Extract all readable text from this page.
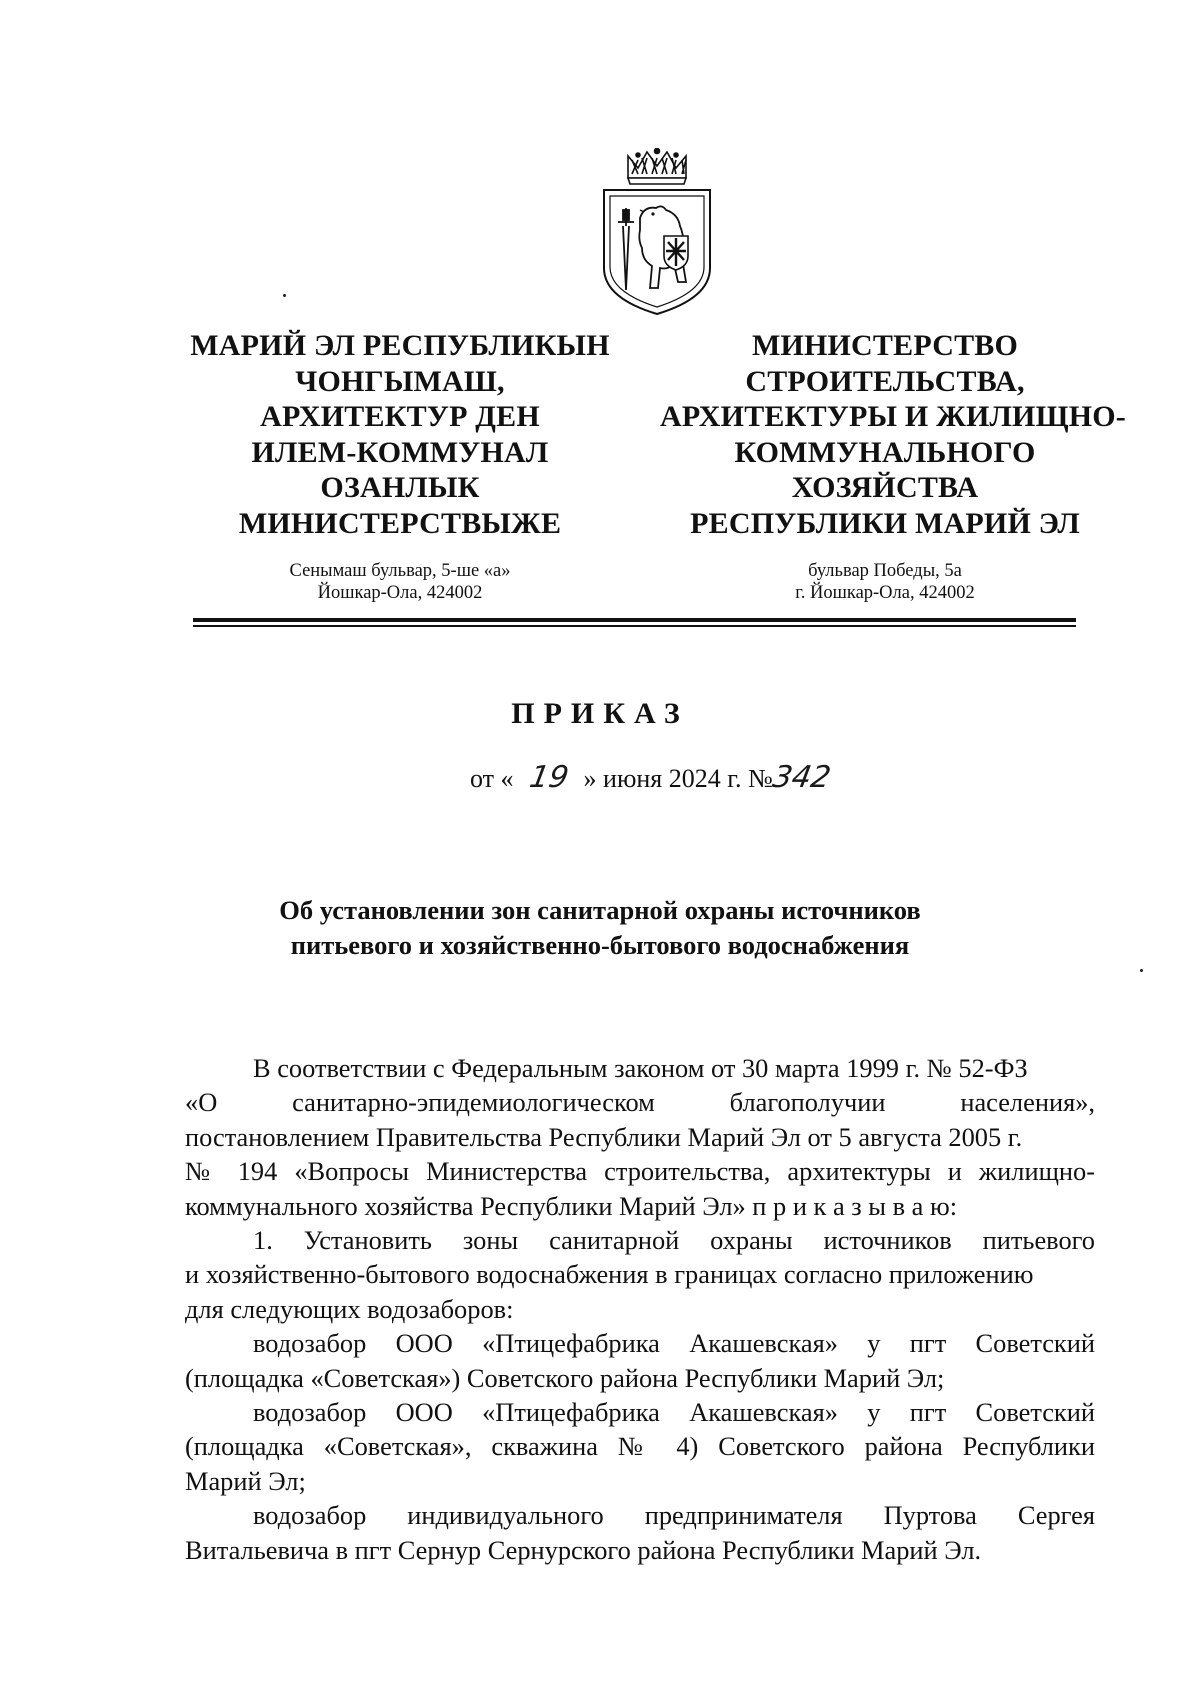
МАРИЙ ЭЛ РЕСПУБЛИКЫН
ЧОНГЫМАШ,
АРХИТЕКТУР ДЕН
ИЛЕМ-КОММУНАЛ
ОЗАНЛЫК
МИНИСТЕРСТВЫЖЕ
МИНИСТЕРСТВО
СТРОИТЕЛЬСТВА,
АРХИТЕКТУРЫ И ЖИЛИЩНО-
КОММУНАЛЬНОГО
ХОЗЯЙСТВА
РЕСПУБЛИКИ МАРИЙ ЭЛ
Сенымаш бульвар, 5-ше «а»
Йошкар-Ола, 424002
бульвар Победы, 5а
г. Йошкар-Ола, 424002
ПРИКАЗ
от « 19 » июня 2024 г. №342
Об установлении зон санитарной охраны источников
питьевого и хозяйственно-бытового водоснабжения
В соответствии с Федеральным законом от 30 марта 1999 г. № 52-ФЗ
«О санитарно-эпидемиологическом благополучии населения»,
постановлением Правительства Республики Марий Эл от 5 августа 2005 г.
№ 194 «Вопросы Министерства строительства, архитектуры и жилищно-
коммунального хозяйства Республики Марий Эл» п р и к а з ы в а ю:
1. Установить зоны санитарной охраны источников питьевого
и хозяйственно-бытового водоснабжения в границах согласно приложению
для следующих водозаборов:
водозабор ООО «Птицефабрика Акашевская» у пгт Советский
(площадка «Советская») Советского района Республики Марий Эл;
водозабор ООО «Птицефабрика Акашевская» у пгт Советский
(площадка «Советская», скважина № 4) Советского района Республики
Марий Эл;
водозабор индивидуального предпринимателя Пуртова Сергея
Витальевича в пгт Сернур Сернурского района Республики Марий Эл.
